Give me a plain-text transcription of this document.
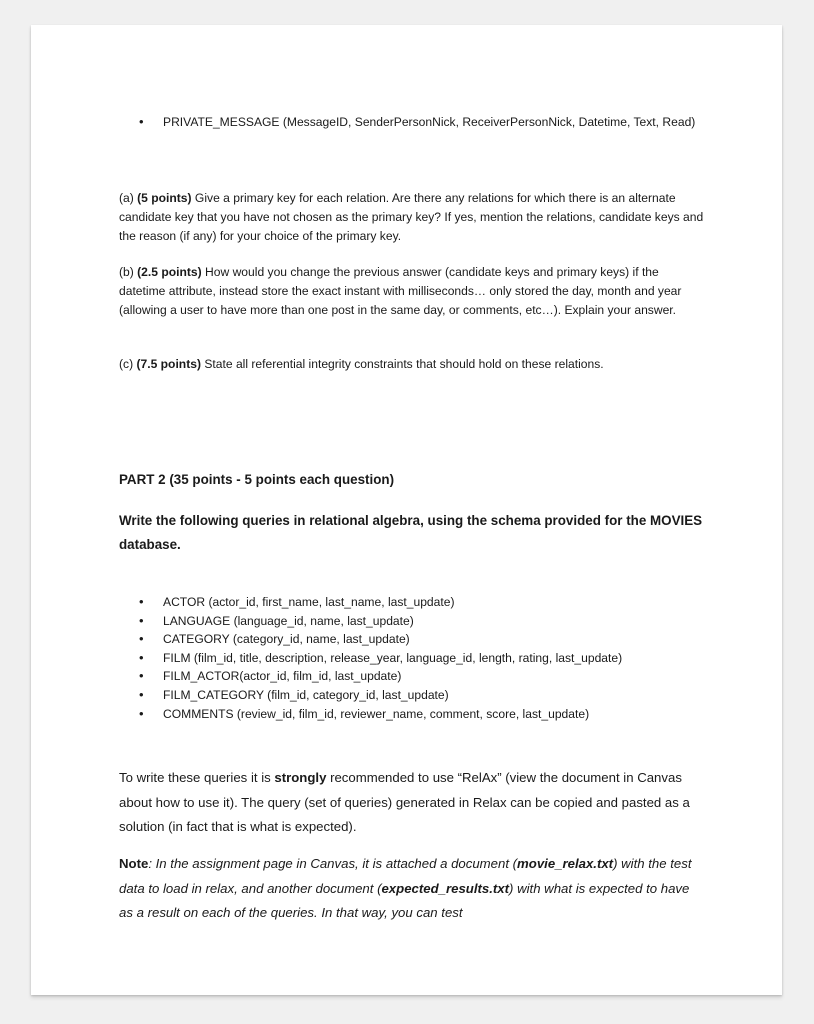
• PRIVATE_MESSAGE (MessageID, SenderPersonNick, ReceiverPersonNick, Datetime, Text, Read)

(a) (5 points) Give a primary key for each relation. Are there any relations for which there is an alternate candidate key that you have not chosen as the primary key? If yes, mention the relations, candidate keys and the reason (if any) for your choice of the primary key.

(b) (2.5 points) How would you change the previous answer (candidate keys and primary keys) if the datetime attribute, instead store the exact instant with milliseconds… only stored the day, month and year (allowing a user to have more than one post in the same day, or comments, etc…). Explain your answer.

(c) (7.5 points) State all referential integrity constraints that should hold on these relations.

PART 2 (35 points - 5 points each question)

Write the following queries in relational algebra, using the schema provided for the MOVIES database.

• ACTOR (actor_id, first_name, last_name, last_update)
• LANGUAGE (language_id, name, last_update)
• CATEGORY (category_id, name, last_update)
• FILM (film_id, title, description, release_year, language_id, length, rating, last_update)
• FILM_ACTOR(actor_id, film_id, last_update)
• FILM_CATEGORY (film_id, category_id, last_update)
• COMMENTS (review_id, film_id, reviewer_name, comment, score, last_update)

To write these queries it is strongly recommended to use “RelAx” (view the document in Canvas about how to use it). The query (set of queries) generated in Relax can be copied and pasted as a solution (in fact that is what is expected).

Note: In the assignment page in Canvas, it is attached a document (movie_relax.txt) with the test data to load in relax, and another document (expected_results.txt) with what is expected to have as a result on each of the queries. In that way, you can test
